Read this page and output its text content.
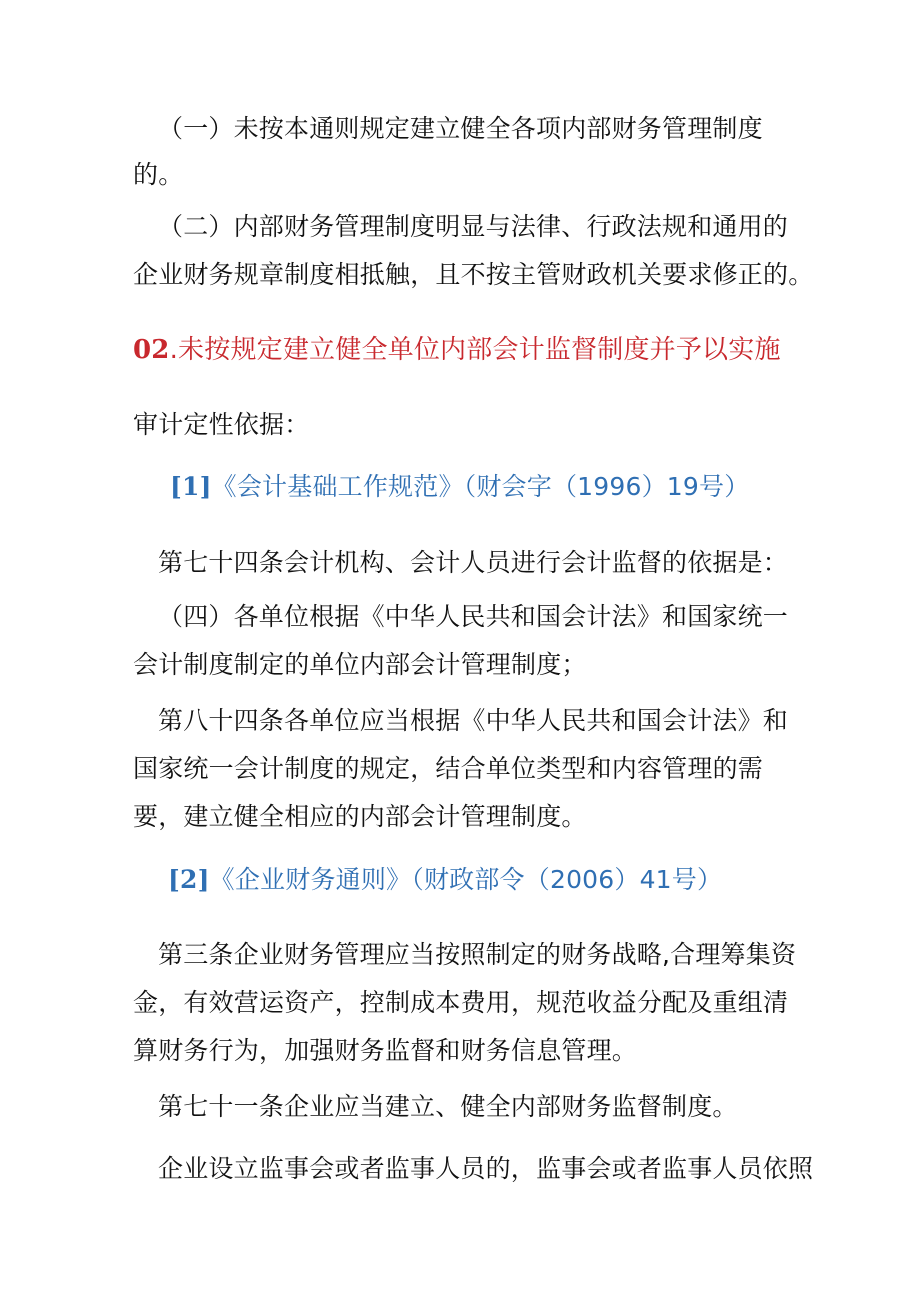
（一）未按本通则规定建立健全各项内部财务管理制度
的。
（二）内部财务管理制度明显与法律、行政法规和通用的
企业财务规章制度相抵触，且不按主管财政机关要求修正的。
02.未按规定建立健全单位内部会计监督制度并予以实施
审计定性依据：
[1]《会计基础工作规范》（财会字（1996）19号）
第七十四条会计机构、会计人员进行会计监督的依据是：
（四）各单位根据《中华人民共和国会计法》和国家统一
会计制度制定的单位内部会计管理制度；
第八十四条各单位应当根据《中华人民共和国会计法》和
国家统一会计制度的规定，结合单位类型和内容管理的需
要，建立健全相应的内部会计管理制度。
[2]《企业财务通则》（财政部令（2006）41号）
第三条企业财务管理应当按照制定的财务战略,合理筹集资
金，有效营运资产，控制成本费用，规范收益分配及重组清
算财务行为，加强财务监督和财务信息管理。
第七十一条企业应当建立、健全内部财务监督制度。
企业设立监事会或者监事人员的，监事会或者监事人员依照
